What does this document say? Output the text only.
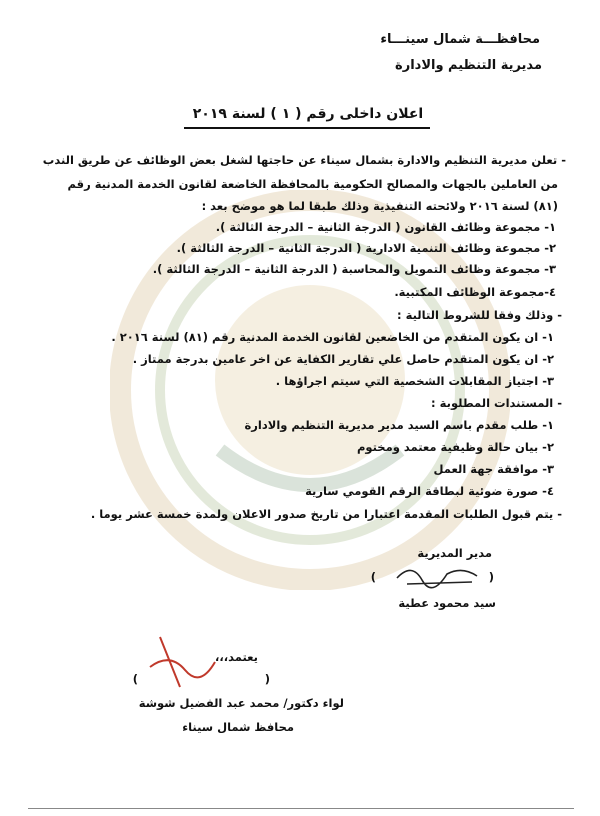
محافظـــة شمال سينـــاء
مديرية التنظيم والادارة
اعلان داخلى رقم ( ١ ) لسنة ٢٠١٩
- تعلن مديرية التنظيم والادارة بشمال سيناء عن حاجتها لشغل بعض الوظائف عن طريق الندب
من العاملين بالجهات والمصالح الحكومية بالمحافظة الخاضعة لقانون الخدمة المدنية رقم
(٨١) لسنة ٢٠١٦ ولائحته التنفيذية وذلك طبقا لما هو موضح بعد :
١- مجموعة وظائف القانون ( الدرجة الثانية – الدرجة الثالثة ).
٢- مجموعة وظائف التنمية الادارية ( الدرجة الثانية – الدرجة الثالثة ).
٣- مجموعة وظائف التمويل والمحاسبة ( الدرجة الثانية – الدرجة الثالثة ).
٤-مجموعة الوظائف المكتبية.
- وذلك وفقا للشروط التالية :
١- ان يكون المتقدم من الخاضعين لقانون الخدمة المدنية رقم (٨١) لسنة ٢٠١٦ .
٢- ان يكون المتقدم حاصل علي تقارير الكفاية عن اخر عامين بدرجة ممتاز .
٣- اجتياز المقابلات الشخصية التي سيتم اجراؤها .
- المستندات المطلوبة :
١- طلب مقدم باسم السيد مدير مديرية التنظيم والادارة
٢- بيان حالة وظيفية معتمد ومختوم
٣- موافقة جهة العمل
٤- صورة ضوئية لبطاقة الرقم القومي سارية
- يتم قبول الطلبات المقدمة اعتبارا من تاريخ صدور الاعلان ولمدة خمسة عشر يوما .
مدير المديرية
(
)
سيد محمود عطية
يعتمد،،،
(
)
لواء دكتور/ محمد عبد الفضيل شوشة
محافظ شمال سيناء
